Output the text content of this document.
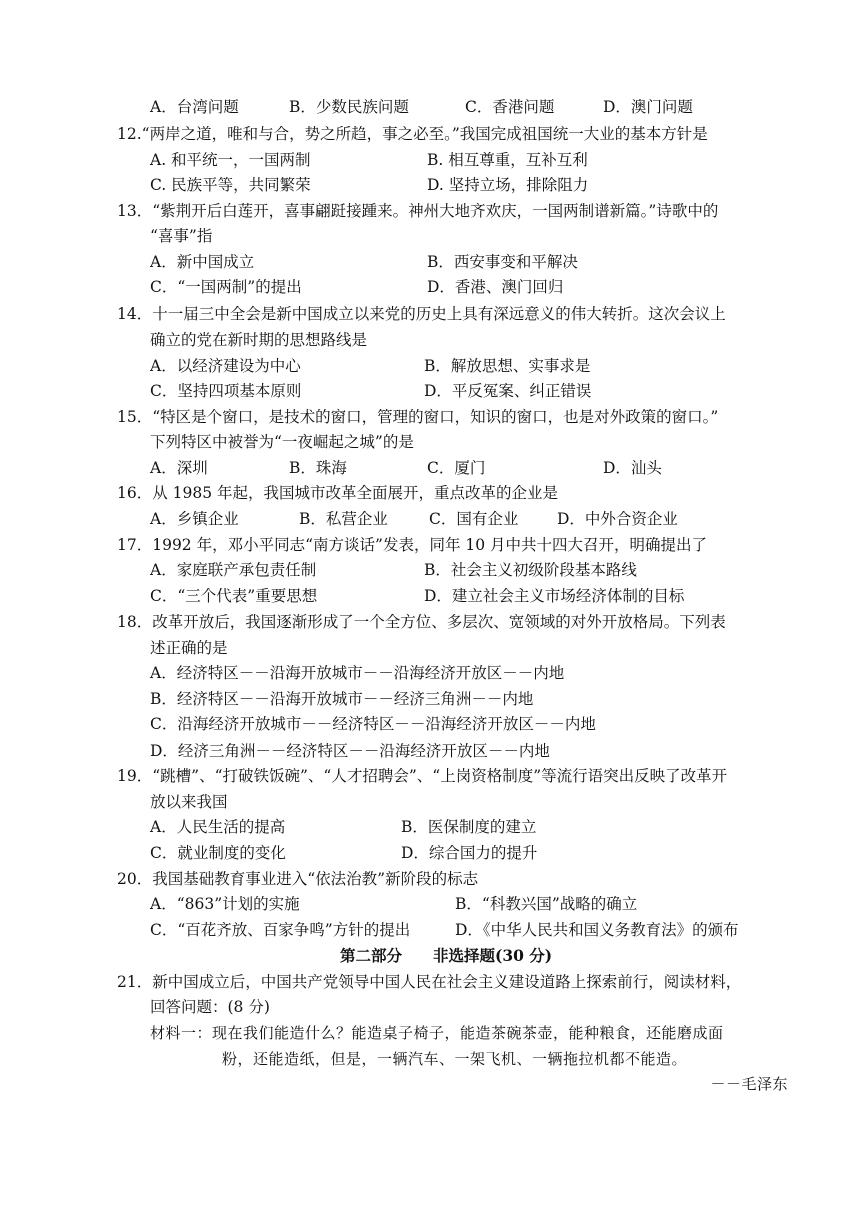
A．台湾问题	B．少数民族问题	C．香港问题	D．澳门问题
12.“两岸之道，唯和与合，势之所趋，事之必至。”我国完成祖国统一大业的基本方针是
A. 和平统一，一国两制	B. 相互尊重，互补互利
C. 民族平等，共同繁荣	D. 坚持立场，排除阻力
13．“紫荆开后白莲开，喜事翩跹接踵来。神州大地齐欢庆，一国两制谱新篇。”诗歌中的
“喜事”指
A．新中国成立	B．西安事变和平解决
C．“一国两制”的提出	D．香港、澳门回归
14．十一届三中全会是新中国成立以来党的历史上具有深远意义的伟大转折。这次会议上
确立的党在新时期的思想路线是
A．以经济建设为中心	B．解放思想、实事求是
C．坚持四项基本原则	D．平反冤案、纠正错误
15．“特区是个窗口，是技术的窗口，管理的窗口，知识的窗口，也是对外政策的窗口。”
下列特区中被誉为“一夜崛起之城”的是
A．深圳	B．珠海	C．厦门	D．汕头
16．从 1985 年起，我国城市改革全面展开，重点改革的企业是
A．乡镇企业	B．私营企业	C．国有企业 D．中外合资企业
17．1992 年，邓小平同志“南方谈话”发表，同年 10 月中共十四大召开，明确提出了
A．家庭联产承包责任制	B．社会主义初级阶段基本路线
C．“三个代表”重要思想	D．建立社会主义市场经济体制的目标
18．改革开放后，我国逐渐形成了一个全方位、多层次、宽领域的对外开放格局。下列表
述正确的是
A．经济特区－－沿海开放城市－－沿海经济开放区－－内地
B．经济特区－－沿海开放城市－－经济三角洲－－内地
C．沿海经济开放城市－－经济特区－－沿海经济开放区－－内地
D．经济三角洲－－经济特区－－沿海经济开放区－－内地
19．“跳槽”、“打破铁饭碗”、“人才招聘会”、“上岗资格制度”等流行语突出反映了改革开
放以来我国
A．人民生活的提高	B．医保制度的建立
C．就业制度的变化	D．综合国力的提升
20．我国基础教育事业进入“依法治教”新阶段的标志
A．“863”计划的实施	B．“科教兴国”战略的确立
C．“百花齐放、百家争鸣”方针的提出	D．《中华人民共和国义务教育法》的颁布
第二部分　　非选择题(30 分)
21．新中国成立后，中国共产党领导中国人民在社会主义建设道路上探索前行，阅读材料，
回答问题：(8 分)
材料一：现在我们能造什么？能造桌子椅子，能造茶碗茶壶，能种粮食，还能磨成面
粉，还能造纸，但是，一辆汽车、一架飞机、一辆拖拉机都不能造。
－－毛泽东
